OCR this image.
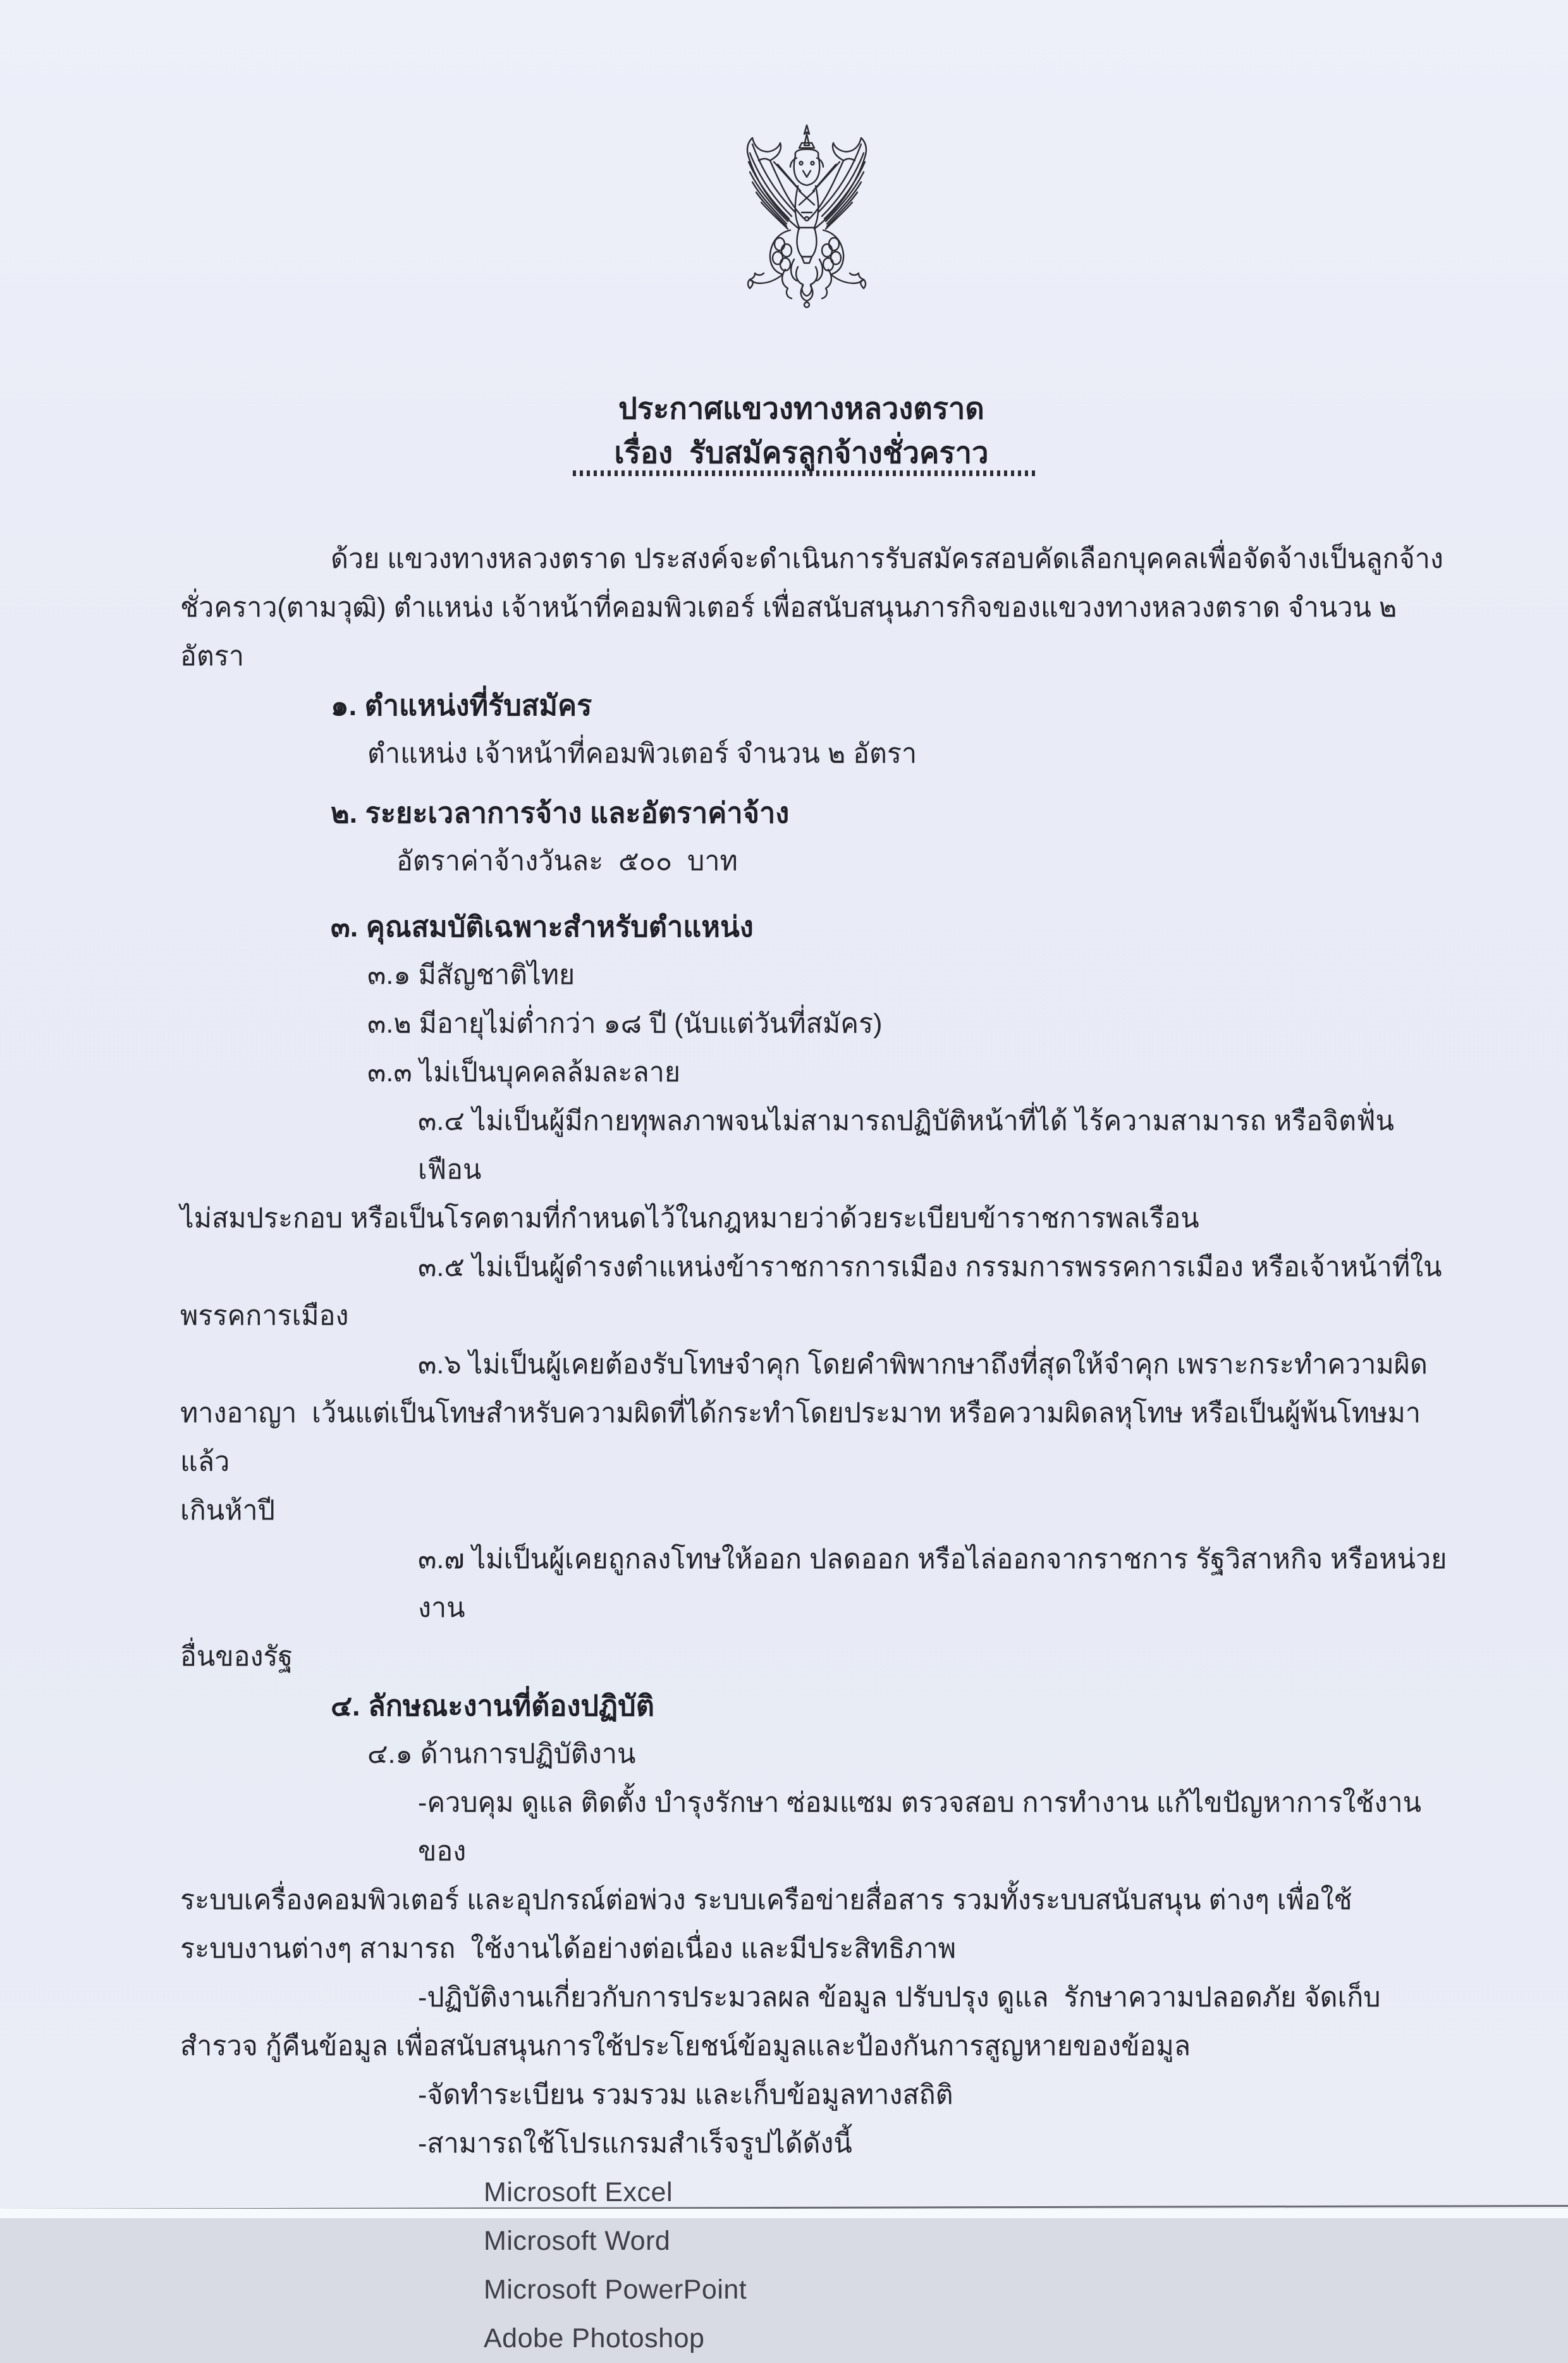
ประกาศแขวงทางหลวงตราด
เรื่อง  รับสมัครลูกจ้างชั่วคราว
ด้วย แขวงทางหลวงตราด ประสงค์จะดำเนินการรับสมัครสอบคัดเลือกบุคคลเพื่อจัดจ้างเป็นลูกจ้าง
ชั่วคราว(ตามวุฒิ) ตำแหน่ง เจ้าหน้าที่คอมพิวเตอร์ เพื่อสนับสนุนภารกิจของแขวงทางหลวงตราด จำนวน ๒ อัตรา
๑. ตำแหน่งที่รับสมัคร
ตำแหน่ง เจ้าหน้าที่คอมพิวเตอร์ จำนวน ๒ อัตรา
๒. ระยะเวลาการจ้าง และอัตราค่าจ้าง
อัตราค่าจ้างวันละ  ๕๐๐  บาท
๓. คุณสมบัติเฉพาะสำหรับตำแหน่ง
๓.๑ มีสัญชาติไทย
๓.๒ มีอายุไม่ต่ำกว่า ๑๘ ปี (นับแต่วันที่สมัคร)
๓.๓ ไม่เป็นบุคคลล้มละลาย
๓.๔ ไม่เป็นผู้มีกายทุพลภาพจนไม่สามารถปฏิบัติหน้าที่ได้ ไร้ความสามารถ หรือจิตฟั่นเฟือน
ไม่สมประกอบ หรือเป็นโรคตามที่กำหนดไว้ในกฎหมายว่าด้วยระเบียบข้าราชการพลเรือน
๓.๕ ไม่เป็นผู้ดำรงตำแหน่งข้าราชการการเมือง กรรมการพรรคการเมือง หรือเจ้าหน้าที่ใน
พรรคการเมือง
๓.๖ ไม่เป็นผู้เคยต้องรับโทษจำคุก โดยคำพิพากษาถึงที่สุดให้จำคุก เพราะกระทำความผิด
ทางอาญา  เว้นแต่เป็นโทษสำหรับความผิดที่ได้กระทำโดยประมาท หรือความผิดลหุโทษ หรือเป็นผู้พ้นโทษมาแล้ว
เกินห้าปี
๓.๗ ไม่เป็นผู้เคยถูกลงโทษให้ออก ปลดออก หรือไล่ออกจากราชการ รัฐวิสาหกิจ หรือหน่วยงาน
อื่นของรัฐ
๔. ลักษณะงานที่ต้องปฏิบัติ
๔.๑ ด้านการปฏิบัติงาน
-ควบคุม ดูแล ติดตั้ง บำรุงรักษา ซ่อมแซม ตรวจสอบ การทำงาน แก้ไขปัญหาการใช้งานของ
ระบบเครื่องคอมพิวเตอร์ และอุปกรณ์ต่อพ่วง ระบบเครือข่ายสื่อสาร รวมทั้งระบบสนับสนุน ต่างๆ เพื่อใช้
ระบบงานต่างๆ สามารถ  ใช้งานได้อย่างต่อเนื่อง และมีประสิทธิภาพ
-ปฏิบัติงานเกี่ยวกับการประมวลผล ข้อมูล ปรับปรุง ดูแล  รักษาความปลอดภัย จัดเก็บ
สำรวจ กู้คืนข้อมูล เพื่อสนับสนุนการใช้ประโยชน์ข้อมูลและป้องกันการสูญหายของข้อมูล
-จัดทำระเบียน รวมรวม และเก็บข้อมูลทางสถิติ
-สามารถใช้โปรแกรมสำเร็จรูปได้ดังนี้
Microsoft Excel
Microsoft Word
Microsoft PowerPoint
Adobe Photoshop
